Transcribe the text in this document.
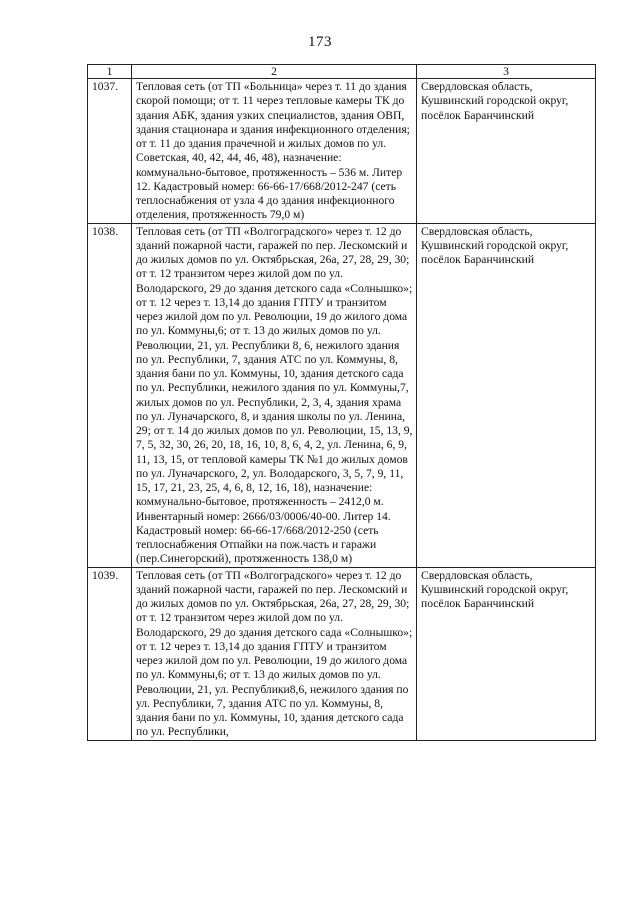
173
1	2	3
1037.	Тепловая сеть (от ТП «Больница» через т. 11 до здания скорой помощи; от т. 11 через тепловые камеры ТК до здания АБК, здания узких специалистов, здания ОВП, здания стационара и здания инфекционного отделения; от т. 11 до здания прачечной и жилых домов по ул. Советская, 40, 42, 44, 46, 48), назначение: коммунально-бытовое, протяженность – 536 м. Литер 12. Кадастровый номер: 66-66-17/668/2012-247 (сеть теплоснабжения от узла 4 до здания инфекционного отделения, протяженность 79,0 м)	Свердловская область, Кушвинский городской округ, посёлок Баранчинский
1038.	Тепловая сеть (от ТП «Волгоградского» через т. 12 до зданий пожарной части, гаражей по пер. Лескомский и до жилых домов по ул. Октябрьская, 26а, 27, 28, 29, 30; от т. 12 транзитом через жилой дом по ул. Володарского, 29 до здания детского сада «Солнышко»; от т. 12 через т. 13,14 до здания ГПТУ и транзитом через жилой дом по ул. Революции, 19 до жилого дома по ул. Коммуны,6; от т. 13 до жилых домов по ул. Революции, 21, ул. Республики 8, 6, нежилого здания по ул. Республики, 7, здания АТС по ул. Коммуны, 8, здания бани по ул. Коммуны, 10, здания детского сада по ул. Республики, нежилого здания по ул. Коммуны,7, жилых домов по ул. Республики, 2, 3, 4, здания храма по ул. Луначарского, 8, и здания школы по ул. Ленина, 29; от т. 14 до жилых домов по ул. Революции, 15, 13, 9, 7, 5, 32, 30, 26, 20, 18, 16, 10, 8, 6, 4, 2, ул. Ленина, 6, 9, 11, 13, 15, от тепловой камеры ТК №1 до жилых домов по ул. Луначарского, 2, ул. Володарского, 3, 5, 7, 9, 11, 15, 17, 21, 23, 25, 4, 6, 8, 12, 16, 18), назначение: коммунально-бытовое, протяженность – 2412,0 м. Инвентарный номер: 2666/03/0006/40-00. Литер 14. Кадастровый номер: 66-66-17/668/2012-250 (сеть теплоснабжения Отпайки на пож.часть и гаражи (пер.Синегорский), протяженность 138,0 м)	Свердловская область, Кушвинский городской округ, посёлок Баранчинский
1039.	Тепловая сеть (от ТП «Волгоградского» через т. 12 до зданий пожарной части, гаражей по пер. Лескомский и до жилых домов по ул. Октябрьская, 26а, 27, 28, 29, 30; от т. 12 транзитом через жилой дом по ул. Володарского, 29 до здания детского сада «Солнышко»; от т. 12 через т. 13,14 до здания ГПТУ и транзитом через жилой дом по ул. Революции, 19 до жилого дома по ул. Коммуны,6; от т. 13 до жилых домов по ул. Революции, 21, ул. Республики8,6, нежилого здания по ул. Республики, 7, здания АТС по ул. Коммуны, 8, здания бани по ул. Коммуны, 10, здания детского сада по ул. Республики,	Свердловская область, Кушвинский городской округ, посёлок Баранчинский
